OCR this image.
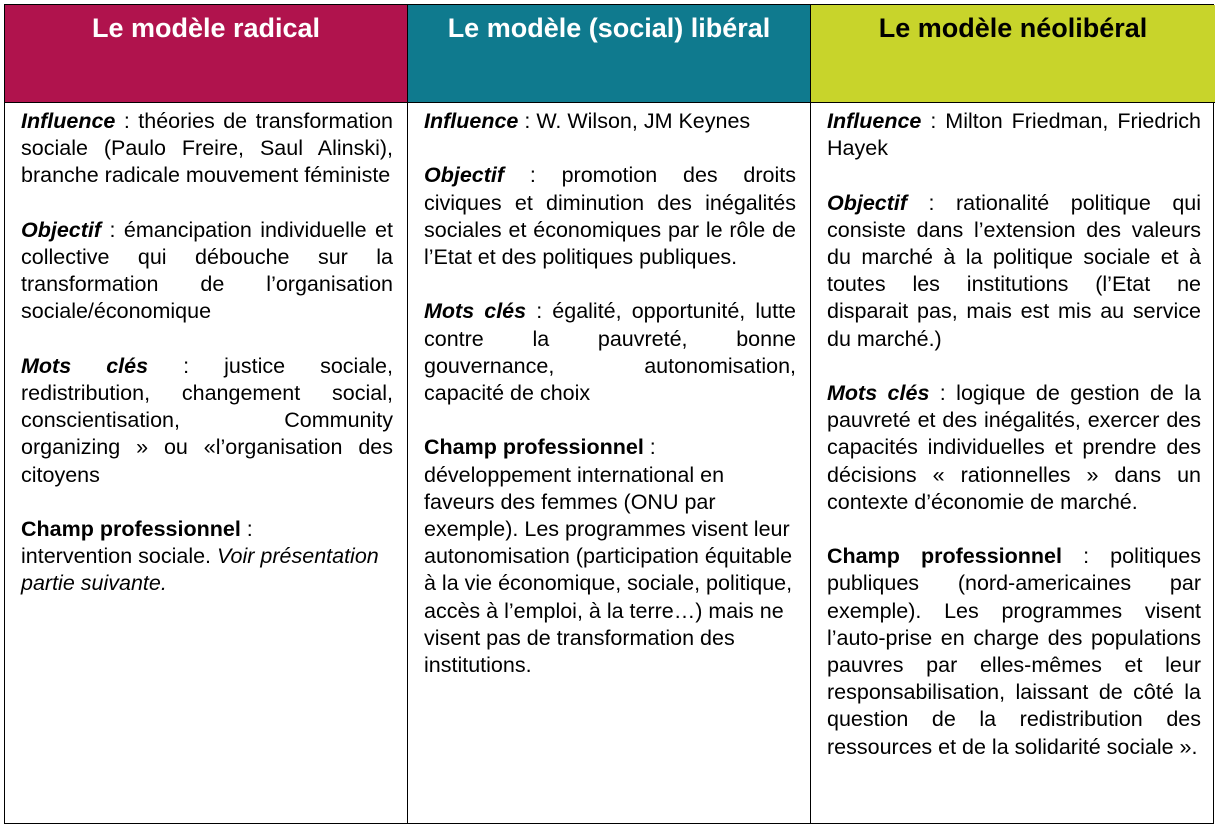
Le modèle radical	Le modèle (social) libéral	Le modèle néolibéral

Influence : théories de transformation sociale (Paulo Freire, Saul Alinski), branche radicale mouvement féministe

Objectif : émancipation individuelle et collective qui débouche sur la transformation de l’organisation sociale/économique

Mots clés : justice sociale, redistribution, changement social, conscientisation, Community organizing » ou «l’organisation des citoyens

Champ professionnel :
intervention sociale. Voir présentation partie suivante.

Influence : W. Wilson, JM Keynes

Objectif : promotion des droits civiques et diminution des inégalités sociales et économiques par le rôle de l’Etat et des politiques publiques.

Mots clés : égalité, opportunité, lutte contre la pauvreté, bonne gouvernance, autonomisation, capacité de choix

Champ professionnel :
développement international en faveurs des femmes (ONU par exemple). Les programmes visent leur autonomisation (participation équitable à la vie économique, sociale, politique, accès à l’emploi, à la terre…) mais ne visent pas de transformation des institutions.

Influence : Milton Friedman, Friedrich Hayek

Objectif : rationalité politique qui consiste dans l’extension des valeurs du marché à la politique sociale et à toutes les institutions (l’Etat ne disparait pas, mais est mis au service du marché.)

Mots clés : logique de gestion de la pauvreté et des inégalités, exercer des capacités individuelles et prendre des décisions « rationnelles » dans un contexte d’économie de marché.

Champ professionnel : politiques publiques (nord-americaines par exemple). Les programmes visent l’auto-prise en charge des populations pauvres par elles-mêmes et leur responsabilisation, laissant de côté la question de la redistribution des ressources et de la solidarité sociale ».
